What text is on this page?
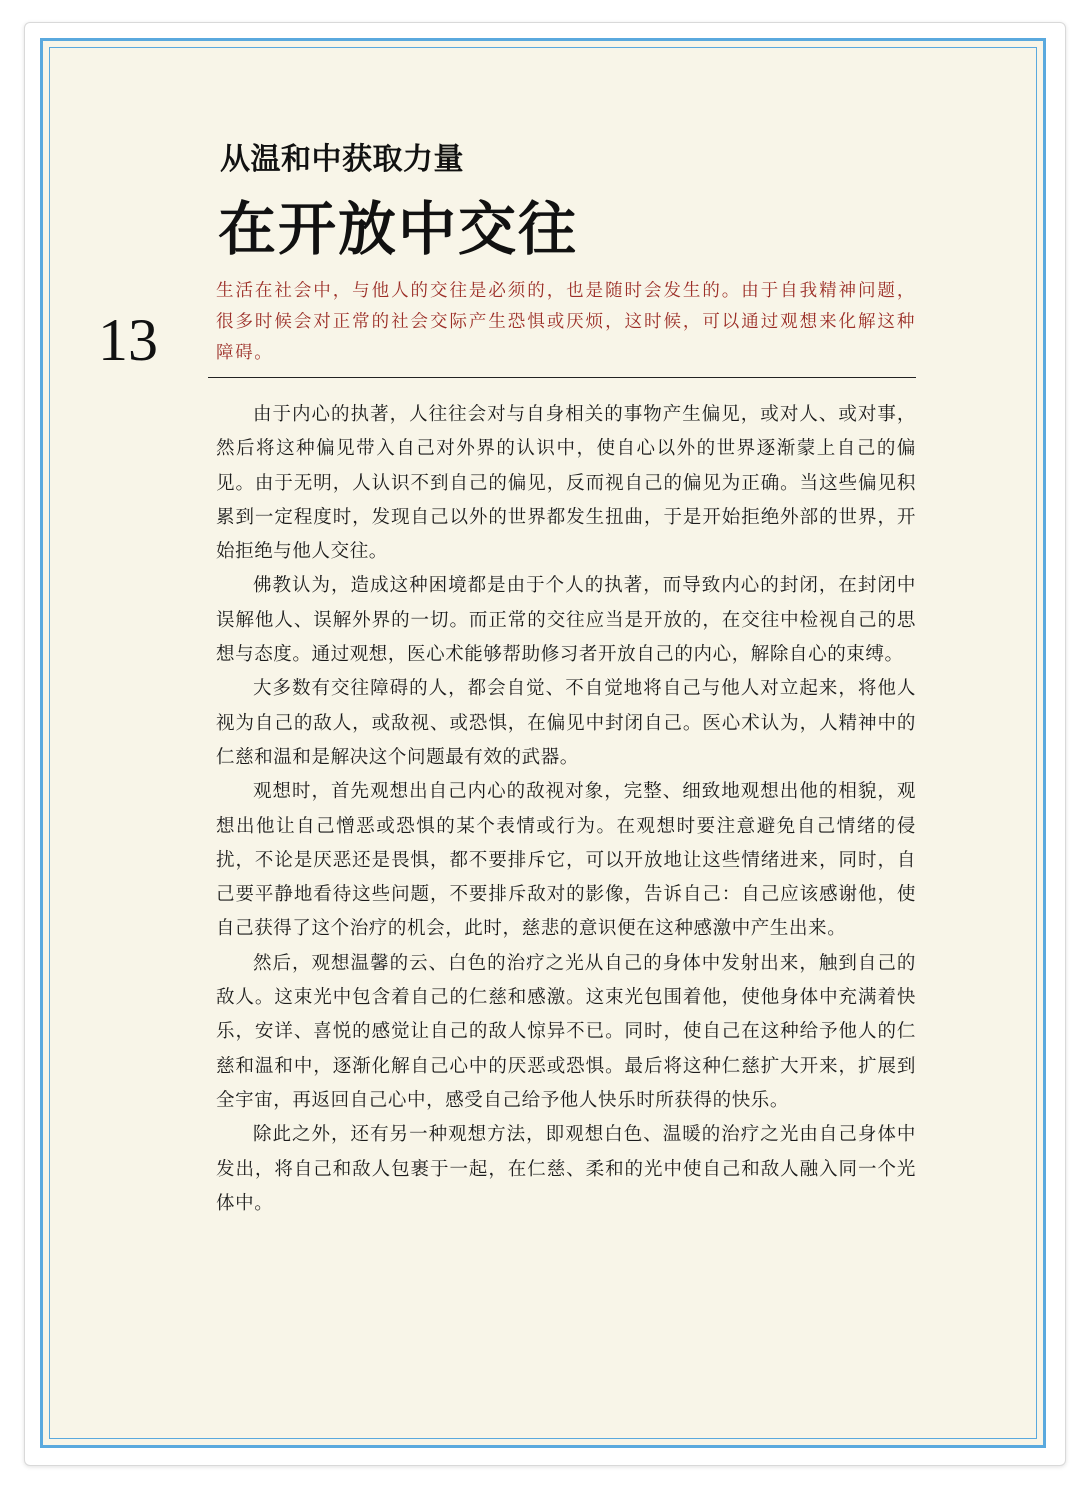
从温和中获取力量
在开放中交往
13
生活在社会中，与他人的交往是必须的，也是随时会发生的。由于自我精神问题，很多时候会对正常的社会交际产生恐惧或厌烦，这时候，可以通过观想来化解这种障碍。

由于内心的执著，人往往会对与自身相关的事物产生偏见，或对人、或对事，然后将这种偏见带入自己对外界的认识中，使自心以外的世界逐渐蒙上自己的偏见。由于无明，人认识不到自己的偏见，反而视自己的偏见为正确。当这些偏见积累到一定程度时，发现自己以外的世界都发生扭曲，于是开始拒绝外部的世界，开始拒绝与他人交往。

佛教认为，造成这种困境都是由于个人的执著，而导致内心的封闭，在封闭中误解他人、误解外界的一切。而正常的交往应当是开放的，在交往中检视自己的思想与态度。通过观想，医心术能够帮助修习者开放自己的内心，解除自心的束缚。

大多数有交往障碍的人，都会自觉、不自觉地将自己与他人对立起来，将他人视为自己的敌人，或敌视、或恐惧，在偏见中封闭自己。医心术认为，人精神中的仁慈和温和是解决这个问题最有效的武器。

观想时，首先观想出自己内心的敌视对象，完整、细致地观想出他的相貌，观想出他让自己憎恶或恐惧的某个表情或行为。在观想时要注意避免自己情绪的侵扰，不论是厌恶还是畏惧，都不要排斥它，可以开放地让这些情绪进来，同时，自己要平静地看待这些问题，不要排斥敌对的影像，告诉自己：自己应该感谢他，使自己获得了这个治疗的机会，此时，慈悲的意识便在这种感激中产生出来。

然后，观想温馨的云、白色的治疗之光从自己的身体中发射出来，触到自己的敌人。这束光中包含着自己的仁慈和感激。这束光包围着他，使他身体中充满着快乐，安详、喜悦的感觉让自己的敌人惊异不已。同时，使自己在这种给予他人的仁慈和温和中，逐渐化解自己心中的厌恶或恐惧。最后将这种仁慈扩大开来，扩展到全宇宙，再返回自己心中，感受自己给予他人快乐时所获得的快乐。

除此之外，还有另一种观想方法，即观想白色、温暖的治疗之光由自己身体中发出，将自己和敌人包裹于一起，在仁慈、柔和的光中使自己和敌人融入同一个光体中。
